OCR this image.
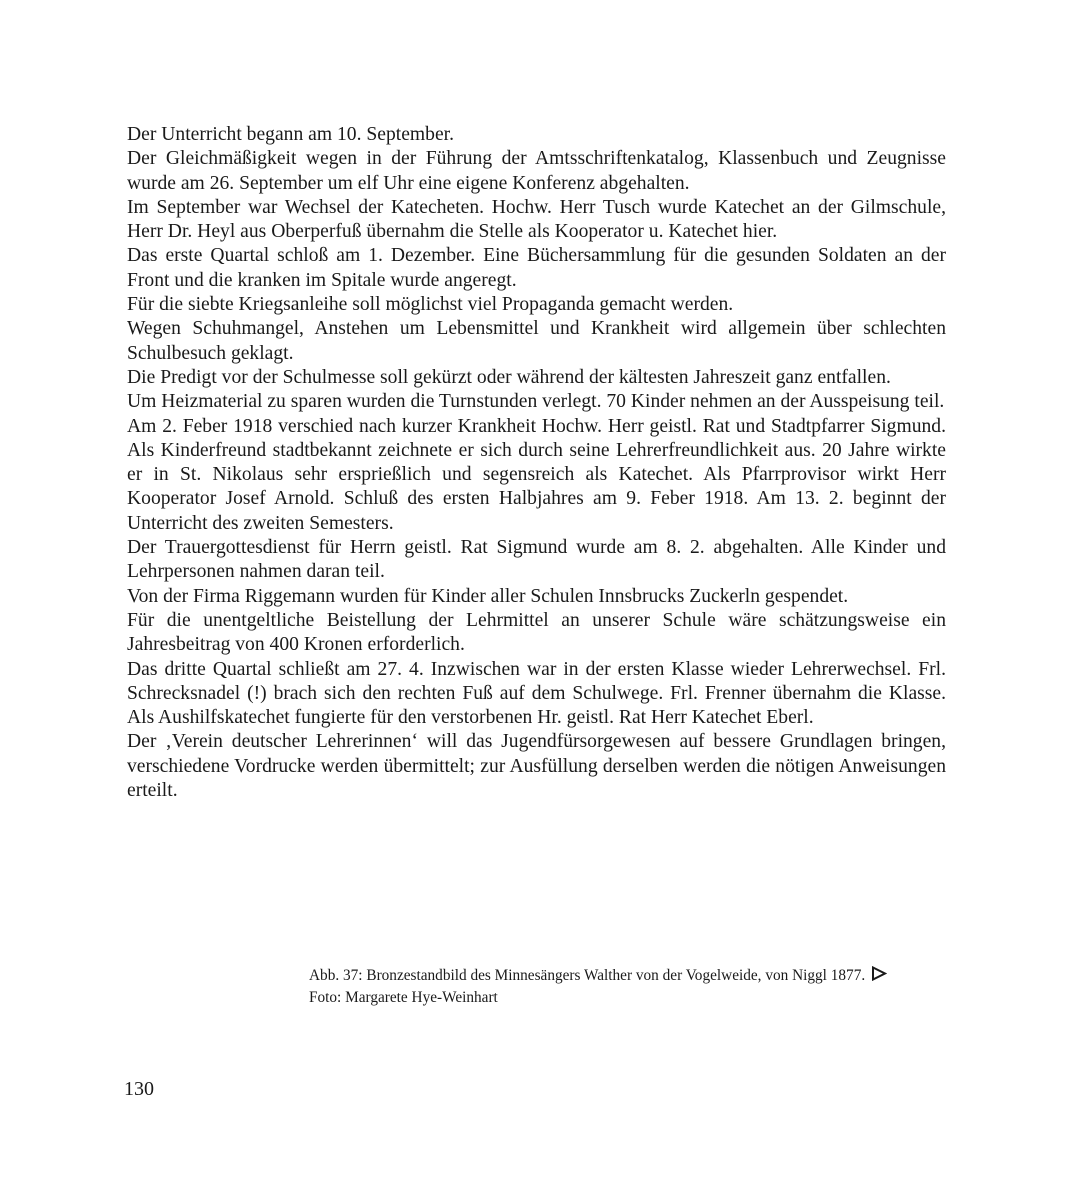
Der Unterricht begann am 10. September.

Der Gleichmäßigkeit wegen in der Führung der Amtsschriftenkatalog, Klassenbuch und Zeugnisse wurde am 26. September um elf Uhr eine eigene Konferenz abgehalten.

Im September war Wechsel der Katecheten. Hochw. Herr Tusch wurde Katechet an der Gilmschule, Herr Dr. Heyl aus Oberperfuß übernahm die Stelle als Kooperator u. Katechet hier.

Das erste Quartal schloß am 1. Dezember. Eine Büchersammlung für die gesunden Soldaten an der Front und die kranken im Spitale wurde angeregt.

Für die siebte Kriegsanleihe soll möglichst viel Propaganda gemacht werden.

Wegen Schuhmangel, Anstehen um Lebensmittel und Krankheit wird allgemein über schlechten Schulbesuch geklagt.

Die Predigt vor der Schulmesse soll gekürzt oder während der kältesten Jahreszeit ganz entfallen.

Um Heizmaterial zu sparen wurden die Turnstunden verlegt. 70 Kinder nehmen an der Ausspeisung teil.

Am 2. Feber 1918 verschied nach kurzer Krankheit Hochw. Herr geistl. Rat und Stadtpfarrer Sigmund. Als Kinderfreund stadtbekannt zeichnete er sich durch seine Lehrerfreundlichkeit aus. 20 Jahre wirkte er in St. Nikolaus sehr ersprießlich und segensreich als Katechet. Als Pfarrprovisor wirkt Herr Kooperator Josef Arnold. Schluß des ersten Halbjahres am 9. Feber 1918. Am 13. 2. beginnt der Unterricht des zweiten Semesters.

Der Trauergottesdienst für Herrn geistl. Rat Sigmund wurde am 8. 2. abgehalten. Alle Kinder und Lehrpersonen nahmen daran teil.

Von der Firma Riggemann wurden für Kinder aller Schulen Innsbrucks Zuckerln gespendet.

Für die unentgeltliche Beistellung der Lehrmittel an unserer Schule wäre schätzungsweise ein Jahresbeitrag von 400 Kronen erforderlich.

Das dritte Quartal schließt am 27. 4. Inzwischen war in der ersten Klasse wieder Lehrerwechsel. Frl. Schrecksnadel (!) brach sich den rechten Fuß auf dem Schulwege. Frl. Frenner übernahm die Klasse. Als Aushilfskatechet fungierte für den verstorbenen Hr. geistl. Rat Herr Katechet Eberl.

Der ‚Verein deutscher Lehrerinnen‘ will das Jugendfürsorgewesen auf bessere Grundlagen bringen, verschiedene Vordrucke werden übermittelt; zur Ausfüllung derselben werden die nötigen Anweisungen erteilt.

Abb. 37: Bronzestandbild des Minnesängers Walther von der Vogelweide, von Niggl 1877.
Foto: Margarete Hye-Weinhart
130
